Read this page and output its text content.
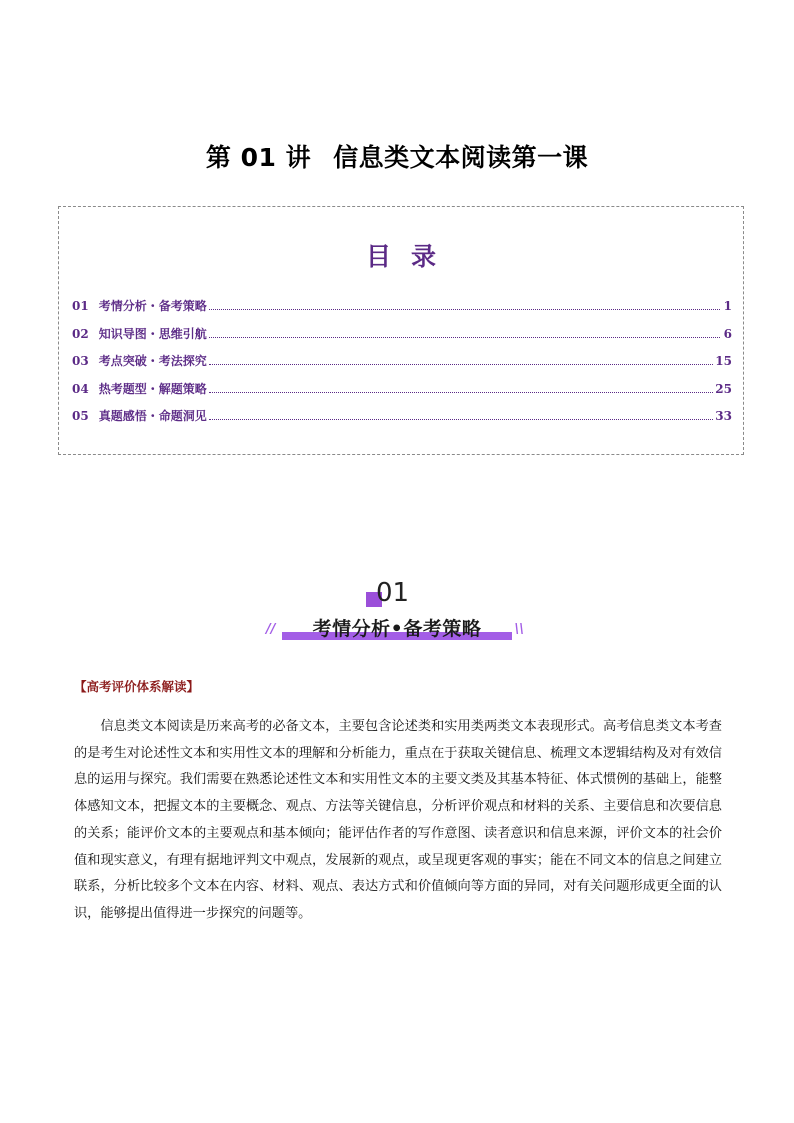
第 01 讲 信息类文本阅读第一课
目录
01 考情分析・备考策略	1
02 知识导图・思维引航	6
03 考点突破・考法探究	15
04 热考题型・解题策略	25
05 真题感悟・命题洞见	33
01
//	考情分析•备考策略	\\
【高考评价体系解读】

信息类文本阅读是历来高考的必备文本，主要包含论述类和实用类两类文本表现形式。高考信息类文本考查的是考生对论述性文本和实用性文本的理解和分析能力，重点在于获取关键信息、梳理文本逻辑结构及对有效信息的运用与探究。我们需要在熟悉论述性文本和实用性文本的主要文类及其基本特征、体式惯例的基础上，能整体感知文本，把握文本的主要概念、观点、方法等关键信息，分析评价观点和材料的关系、主要信息和次要信息的关系；能评价文本的主要观点和基本倾向；能评估作者的写作意图、读者意识和信息来源，评价文本的社会价值和现实意义，有理有据地评判文中观点，发展新的观点，或呈现更客观的事实；能在不同文本的信息之间建立联系，分析比较多个文本在内容、材料、观点、表达方式和价值倾向等方面的异同，对有关问题形成更全面的认识，能够提出值得进一步探究的问题等。
